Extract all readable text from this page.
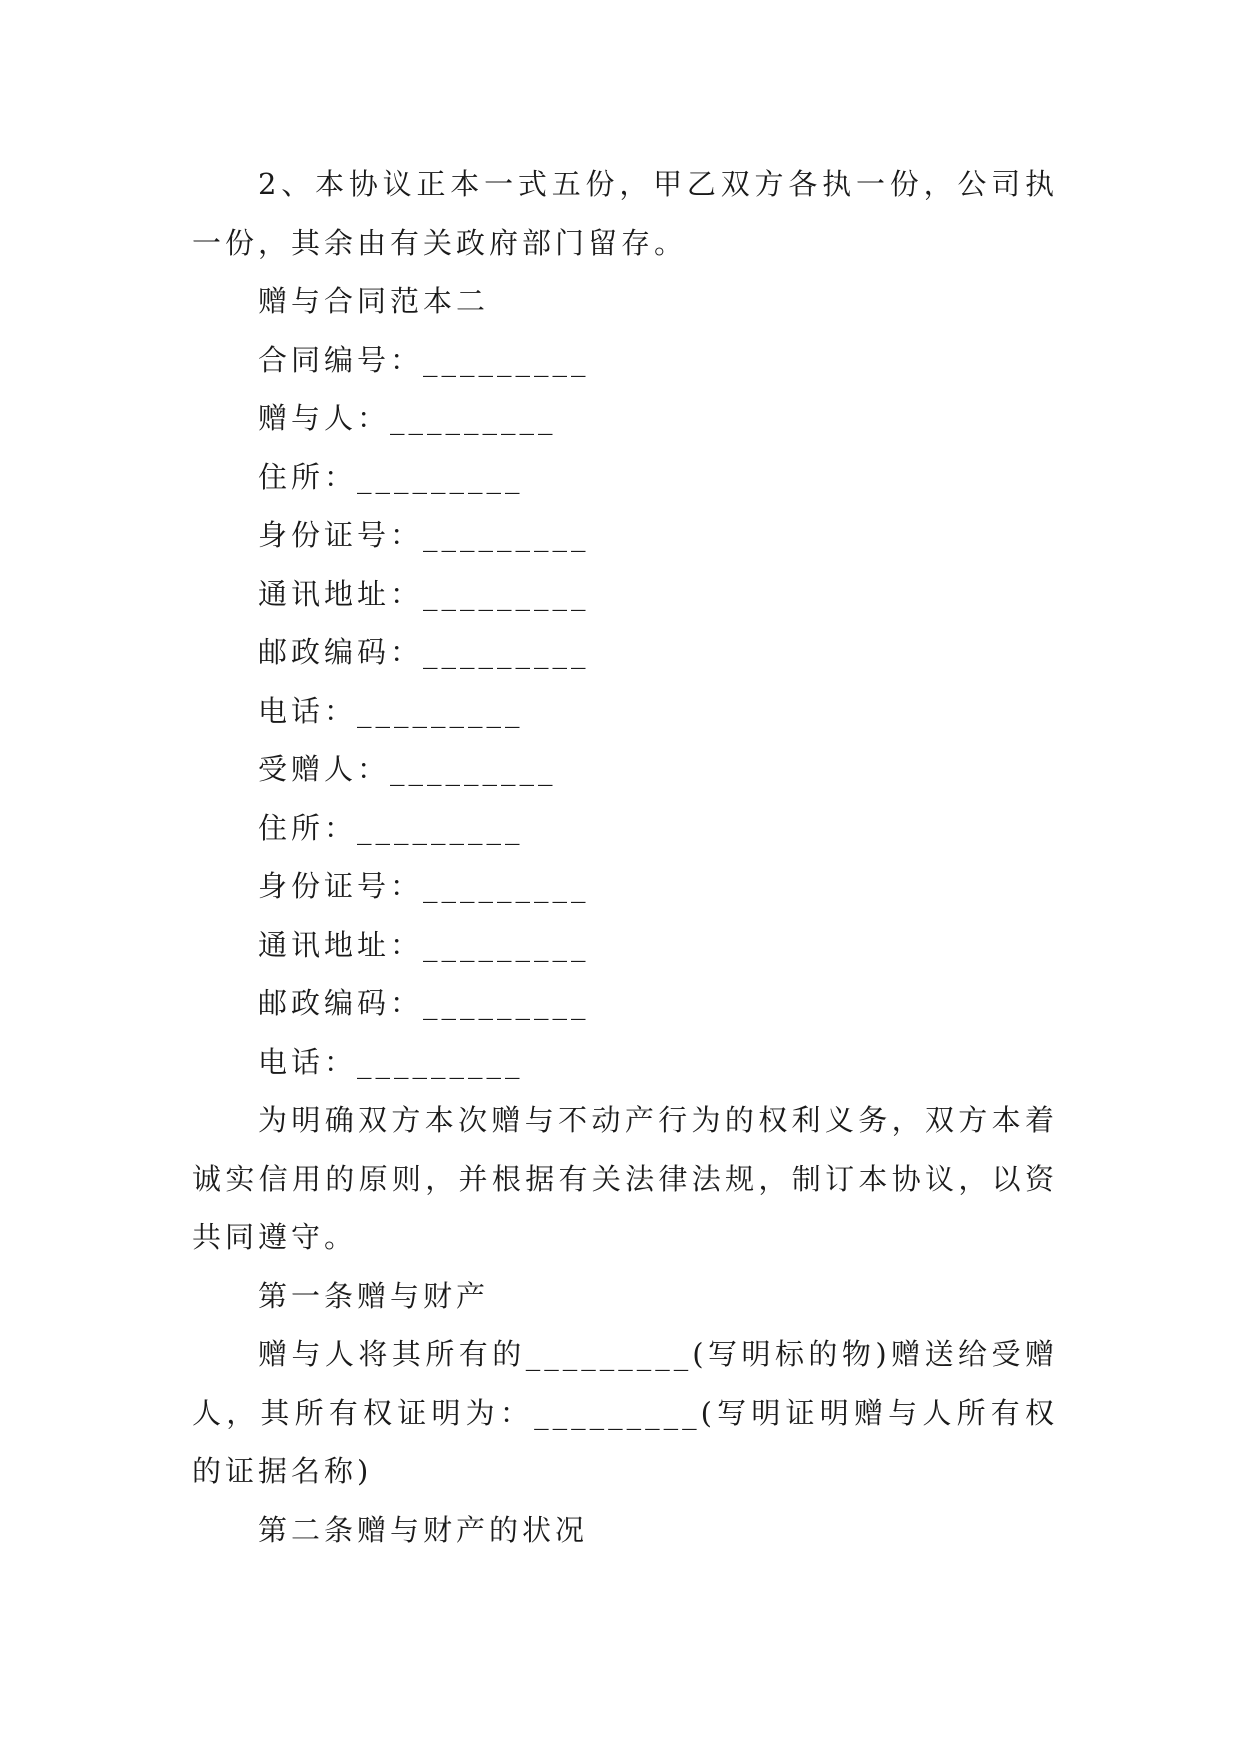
2、本协议正本一式五份，甲乙双方各执一份，公司执一份，其余由有关政府部门留存。

赠与合同范本二

合同编号：_________

赠与人：_________

住所：_________

身份证号：_________

通讯地址：_________

邮政编码：_________

电话：_________

受赠人：_________

住所：_________

身份证号：_________

通讯地址：_________

邮政编码：_________

电话：_________

为明确双方本次赠与不动产行为的权利义务，双方本着诚实信用的原则，并根据有关法律法规，制订本协议，以资共同遵守。

第一条赠与财产

赠与人将其所有的_________(写明标的物)赠送给受赠人，其所有权证明为：_________(写明证明赠与人所有权的证据名称)

第二条赠与财产的状况
